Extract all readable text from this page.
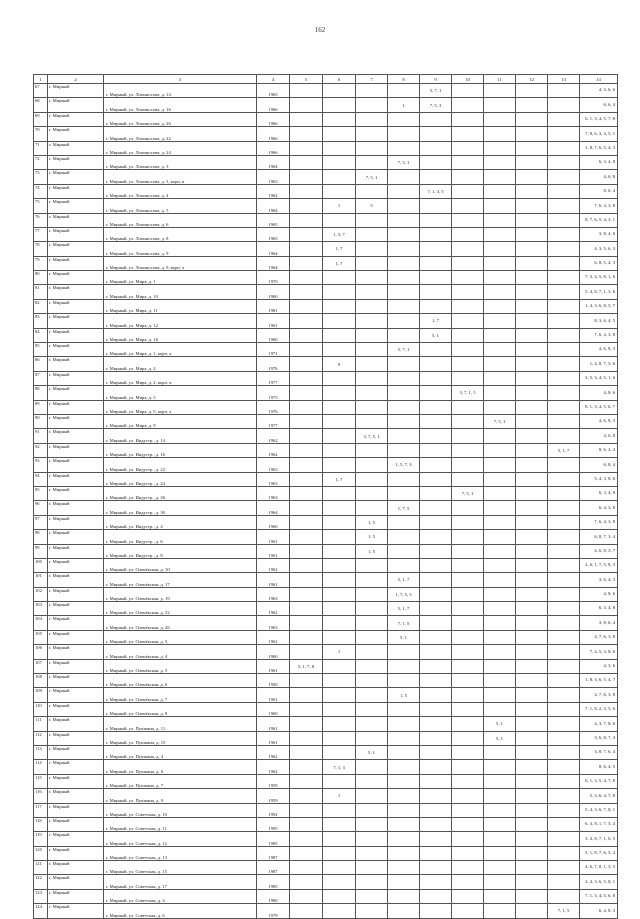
162
1	2	3	4	5	6	7	8	9	10	11	12	13	14
67	г. Мирный	г. Мирный, ул. Ломоносова, д. 14	1965					5, 7, 1					4, 3, 6, 6
68	г. Мирный	г. Мирный, ул. Ломоносова, д. 16	1966				1	7, 5, 3					6, 6, 4
69	г. Мирный	г. Мирный, ул. Ломоносова, д. 20	1966										6, 1, 3, 4, 5, 7, 8
70	г. Мирный	г. Мирный, ул. Ломоносова, д. 22	1966										7, 8, 6, 3, 4, 5, 1
71	г. Мирный	г. Мирный, ул. Ломоносова, д. 24	1966										1, 8, 7, 6, 5, 4, 3
72	г. Мирный	г. Мирный, ул. Ломоносова, д. 3	1964				7, 5, 1						6, 3, 4, 8
73	г. Мирный	г. Мирный, ул. Ломоносова, д. 3, корп. в	1963			7, 5, 1							4, 6, 8
74	г. Мирный	г. Мирный, ул. Ломоносова, д. 4	1962					7, 1, 3, 5					8, 6, 4
75	г. Мирный	г. Мирный, ул. Ломоносова, д. 5	1964		1	5							7, 6, 4, 3, 8
76	г. Мирный	г. Мирный, ул. Ломоносова, д. 6	1965										8, 7, 6, 5, 4, 3, 1
77	г. Мирный	г. Мирный, ул. Ломоносова, д. 8	1965		1, 5, 7								3, 8, 4, 6
78	г. Мирный	г. Мирный, ул. Ломоносова, д. 9	1964		1, 7								4, 3, 5, 6, 3
79	г. Мирный	г. Мирный, ул. Ломоносова, д. 9, корп. а	1964		1, 7								6, 8, 5, 4, 3
80	г. Мирный	г. Мирный, ул. Мира, д. 1	1970										7, 3, 4, 5, 8, 1, 6
81	г. Мирный	г. Мирный, ул. Мира, д. 10	1960										5, 4, 8, 7, 1, 3, 6
82	г. Мирный	г. Мирный, ул. Мира, д. 11	1981										1, 4, 3, 6, 8, 5, 7
83	г. Мирный	г. Мирный, ул. Мира, д. 12	1961					1, 7					8, 3, 6, 4, 5
84	г. Мирный	г. Мирный, ул. Мира, д. 16	1960					5, 1					7, 6, 4, 3, 8
85	г. Мирный	г. Мирный, ул. Мира, д. 1, корп. а	1971				5, 7, 1						4, 6, 8, 3
86	г. Мирный	г. Мирный, ул. Мира, д. 2	1976		9								1, 4, 8, 7, 5, 6
87	г. Мирный	г. Мирный, ул. Мира, д. 2, корп. в	1977										3, 5, 3, 4, 5, 1, 6
88	г. Мирный	г. Мирный, ул. Мира, д. 5	1975						3, 7, 1, 5				4, 8, 6
89	г. Мирный	г. Мирный, ул. Мира, д. 5, корп. а	1976										8, 1, 3, 4, 5, 6, 7
90	г. Мирный	г. Мирный, ул. Мира, д. 9	1977							7, 5, 1			4, 6, 8, 3
91	г. Мирный	г. Мирный, ул. Индустр., д. 14	1962			3, 7, 5, 1							4, 6, 8
92	г. Мирный	г. Мирный, ул. Индустр., д. 16	1962									5, 1, 7	8, 6, 2, 4
93	г. Мирный	г. Мирный, ул. Индустр., д. 22	1963				1, 5, 7, 3						6, 8, 4
94	г. Мирный	г. Мирный, ул. Индустр., д. 24	1963		1, 7								5, 4, 3, 8, 6
95	г. Мирный	г. Мирный, ул. Индустр., д. 26	1963						7, 5, 1				6, 3, 4, 8
96	г. Мирный	г. Мирный, ул. Индустр., д. 30	1964				1, 7, 5						6, 4, 3, 8
97	г. Мирный	г. Мирный, ул. Индустр., д. 4	1960			1, 5							7, 6, 4, 3, 8
98	г. Мирный	г. Мирный, ул. Индустр., д. 6	1961			1, 5							6, 8, 7, 3, 4
99	г. Мирный	г. Мирный, ул. Индустр., д. 8	1961			1, 5							4, 6, 8, 3, 7
100	г. Мирный	г. Мирный, ул. Оленёкская, д. 10	1962										2, 6, 1, 7, 5, 8, 3
101	г. Мирный	г. Мирный, ул. Оленёкская, д. 17	1961				5, 1, 7						3, 6, 4, 3
102	г. Мирный	г. Мирный, ул. Оленёкская, д. 19	1963				1, 7, 5, 3						4, 8, 6
103	г. Мирный	г. Мирный, ул. Оленёкская, д. 22	1962				5, 1, 7						6, 3, 4, 8
104	г. Мирный	г. Мирный, ул. Оленёкская, д. 26	1963				7, 1, 5						3, 8, 6, 4
105	г. Мирный	г. Мирный, ул. Оленёкская, д. 3	1961				5, 1						4, 7, 6, 3, 8
106	г. Мирный	г. Мирный, ул. Оленёкская, д. 4	1960		1								7, 4, 5, 3, 8, 6
107	г. Мирный	г. Мирный, ул. Оленёкская, д. 5	1961	5, 1, 7, 8									4, 3, 6
108	г. Мирный	г. Мирный, ул. Оленёкская, д. 6	1950										1, 8, 3, 6, 5, 4, 7
109	г. Мирный	г. Мирный, ул. Оленёкская, д. 7	1961				1, 5						4, 7, 6, 3, 8
110	г. Мирный	г. Мирный, ул. Оленёкская, д. 8	1960										7, 1, 8, 2, 3, 5, 6
111	г. Мирный	г. Мирный, ул. Пушкина, д. 11	1961							5, 1			4, 3, 7, 8, 6
112	г. Мирный	г. Мирный, ул. Пушкина, д. 15	1961							5, 1			3, 6, 8, 7, 4
113	г. Мирный	г. Мирный, ул. Пушкина, д. 4	1962			5, 1							3, 8, 7, 6, 4
114	г. Мирный	г. Мирный, ул. Пушкина, д. 6	1962		7, 1, 3								8, 6, 4, 5
115	г. Мирный	г. Мирный, ул. Пушкина, д. 7	1959										6, 1, 3, 5, 4, 7, 8
116	г. Мирный	г. Мирный, ул. Пушкина, д. 9	1959		1								5, 3, 6, 4, 7, 8
117	г. Мирный	г. Мирный, ул. Советская, д. 10	1992										5, 4, 3, 6, 7, 8, 1
118	г. Мирный	г. Мирный, ул. Советская, д. 11	1995										6, 3, 8, 1, 7, 5, 4
119	г. Мирный	г. Мирный, ул. Советская, д. 12	1985										3, 4, 8, 7, 1, 6, 5
120	г. Мирный	г. Мирный, ул. Советская, д. 13	1987										3, 1, 8, 7, 6, 5, 4
121	г. Мирный	г. Мирный, ул. Советская, д. 15	1987										4, 6, 7, 8, 1, 3, 5
122	г. Мирный	г. Мирный, ул. Советская, д. 17	1985										3, 4, 3, 6, 5, 8, 1
123	г. Мирный	г. Мирный, ул. Советская, д. 4	1980										7, 1, 3, 4, 5, 6, 8
124	г. Мирный	г. Мирный, ул. Советская, д. 6	1979									7, 1, 5	6, 4, 8, 3
